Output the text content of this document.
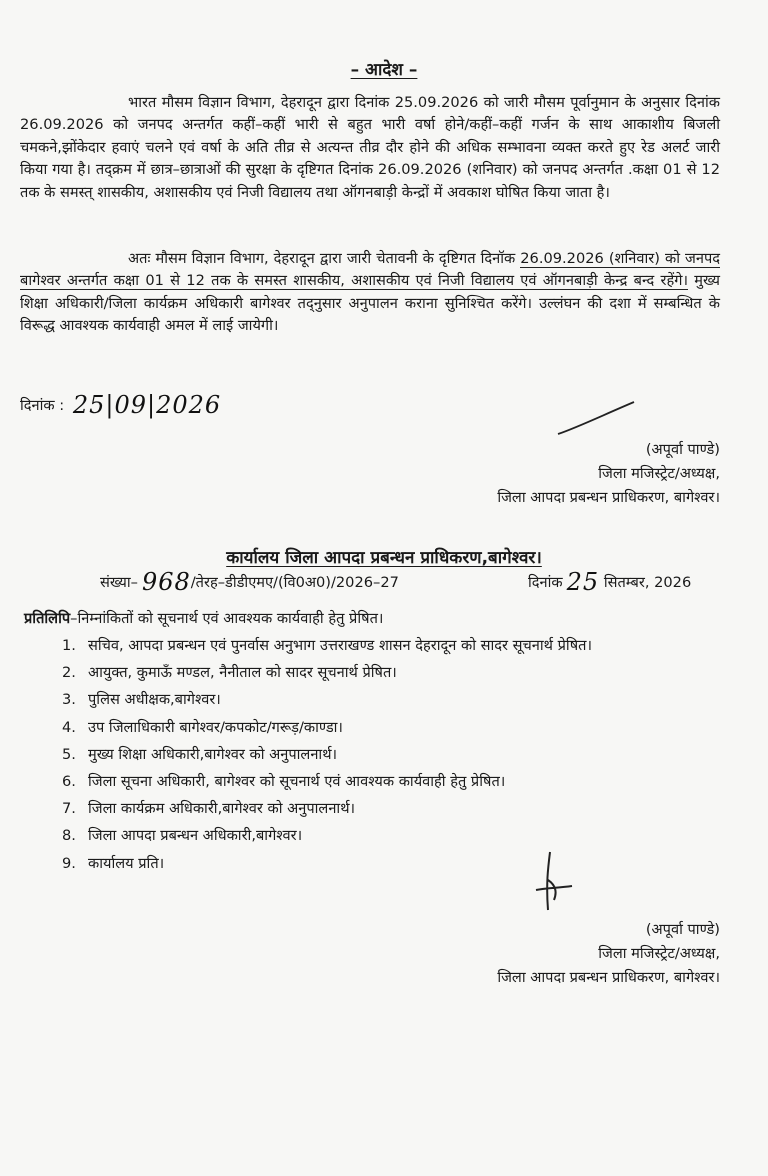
– आदेश –

भारत मौसम विज्ञान विभाग, देहरादून द्वारा दिनांक 25.09.2026 को जारी मौसम पूर्वानुमान के अनुसार दिनांक 26.09.2026 को जनपद अन्तर्गत कहीं–कहीं भारी से बहुत भारी वर्षा होने/कहीं–कहीं गर्जन के साथ आकाशीय बिजली चमकने,झोंकेदार हवाएं चलने एवं वर्षा के अति तीव्र से अत्यन्त तीव्र दौर होने की अधिक सम्भावना व्यक्त करते हुए रेड अलर्ट जारी किया गया है। तद्‌क्रम में छात्र–छात्राओं की सुरक्षा के दृष्टिगत दिनांक 26.09.2026 (शनिवार) को जनपद अन्तर्गत .कक्षा 01 से 12 तक के समस्त् शासकीय, अशासकीय एवं निजी विद्यालय तथा ऑगनबाड़ी केन्द्रों में अवकाश घोषित किया जाता है।

अतः मौसम विज्ञान विभाग, देहरादून द्वारा जारी चेतावनी के दृष्टिगत दिनॉक 26.09.2026 (शनिवार) को जनपद बागेश्वर अन्तर्गत कक्षा 01 से 12 तक के समस्त शासकीय, अशासकीय एवं निजी विद्यालय एवं ऑगनबाड़ी केन्द्र बन्द रहेंगे। मुख्य शिक्षा अधिकारी/जिला कार्यक्रम अधिकारी बागेश्वर तद्नुसार अनुपालन कराना सुनिश्चित करेंगे। उल्लंघन की दशा में सम्बन्धित के विरूद्ध आवश्यक कार्यवाही अमल में लाई जायेगी।

दिनांक : 25|09|2026
(अपूर्वा पाण्डे)
जिला मजिस्ट्रेट/अध्यक्ष,
जिला आपदा प्रबन्धन प्राधिकरण, बागेश्वर।
कार्यालय जिला आपदा प्रबन्धन प्राधिकरण,बागेश्वर।
संख्या– 968/तेरह–डीडीएमए/(वि0अ0)/2026–27	दिनांक 25 सितम्बर, 2026
प्रतिलिपि–निम्नांकितों को सूचनार्थ एवं आवश्यक कार्यवाही हेतु प्रेषित।
1. सचिव, आपदा प्रबन्धन एवं पुनर्वास अनुभाग उत्तराखण्ड शासन देहरादून को सादर सूचनार्थ प्रेषित।
2. आयुक्त, कुमाऊँ मण्डल, नैनीताल को सादर सूचनार्थ प्रेषित।
3. पुलिस अधीक्षक,बागेश्वर।
4. उप जिलाधिकारी बागेश्वर/कपकोट/गरूड़/काण्डा।
5. मुख्य शिक्षा अधिकारी,बागेश्वर को अनुपालनार्थ।
6. जिला सूचना अधिकारी, बागेश्वर को सूचनार्थ एवं आवश्यक कार्यवाही हेतु प्रेषित।
7. जिला कार्यक्रम अधिकारी,बागेश्वर को अनुपालनार्थ।
8. जिला आपदा प्रबन्धन अधिकारी,बागेश्वर।
9. कार्यालय प्रति।
(अपूर्वा पाण्डे)
जिला मजिस्ट्रेट/अध्यक्ष,
जिला आपदा प्रबन्धन प्राधिकरण, बागेश्वर।
